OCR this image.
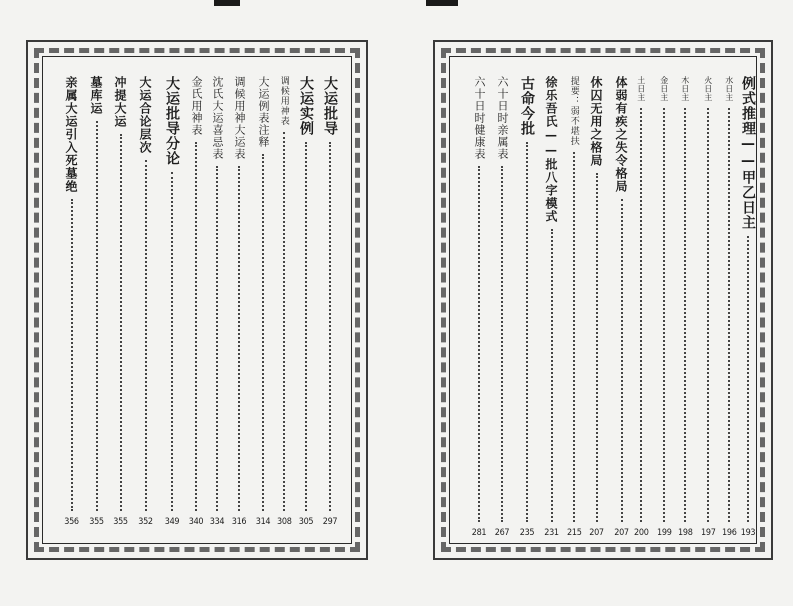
大运批导
297
大运实例
305
调候用神表
308
大运例表注释
314
调候用神大运表
316
沈氏大运喜忌表
334
金氏用神表
340
大运批导分论
349
大运合论层次
352
冲提大运
355
墓库运
355
亲属大运引入死墓绝
356
例式推理——甲乙日主
193
水日主
196
火日主
197
木日主
198
金日主
199
土日主
200
体弱有疾之失令格局
207
休囚无用之格局
207
提要：弱不堪扶
215
徐乐吾氏——批八字模式
231
古命今批
235
六十日时亲属表
267
六十日时健康表
281
